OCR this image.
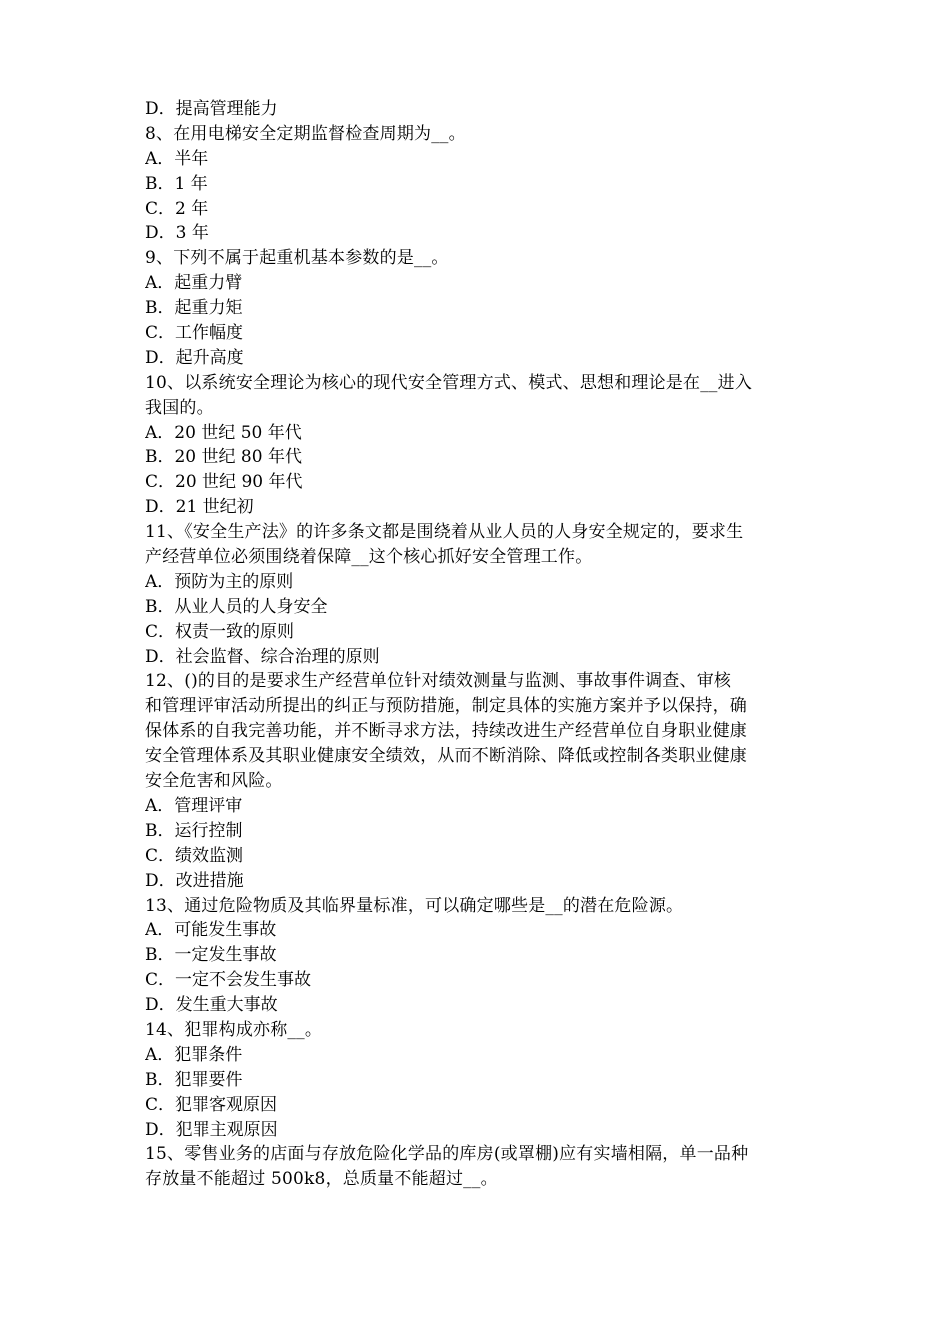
D．提高管理能力
8、在用电梯安全定期监督检查周期为__。
A．半年
B．1 年
C．2 年
D．3 年
9、下列不属于起重机基本参数的是__。
A．起重力臂
B．起重力矩
C．工作幅度
D．起升高度
10、以系统安全理论为核心的现代安全管理方式、模式、思想和理论是在__进入
我国的。
A．20 世纪 50 年代
B．20 世纪 80 年代
C．20 世纪 90 年代
D．21 世纪初
11、《安全生产法》的许多条文都是围绕着从业人员的人身安全规定的，要求生
产经营单位必须围绕着保障__这个核心抓好安全管理工作。
A．预防为主的原则
B．从业人员的人身安全
C．权责一致的原则
D．社会监督、综合治理的原则
12、()的目的是要求生产经营单位针对绩效测量与监测、事故事件调查、审核
和管理评审活动所提出的纠正与预防措施，制定具体的实施方案并予以保持，确
保体系的自我完善功能，并不断寻求方法，持续改进生产经营单位自身职业健康
安全管理体系及其职业健康安全绩效，从而不断消除、降低或控制各类职业健康
安全危害和风险。
A．管理评审
B．运行控制
C．绩效监测
D．改进措施
13、通过危险物质及其临界量标准，可以确定哪些是__的潜在危险源。
A．可能发生事故
B．一定发生事故
C．一定不会发生事故
D．发生重大事故
14、犯罪构成亦称__。
A．犯罪条件
B．犯罪要件
C．犯罪客观原因
D．犯罪主观原因
15、零售业务的店面与存放危险化学品的库房(或罩棚)应有实墙相隔，单一品种
存放量不能超过 500k8，总质量不能超过__。
